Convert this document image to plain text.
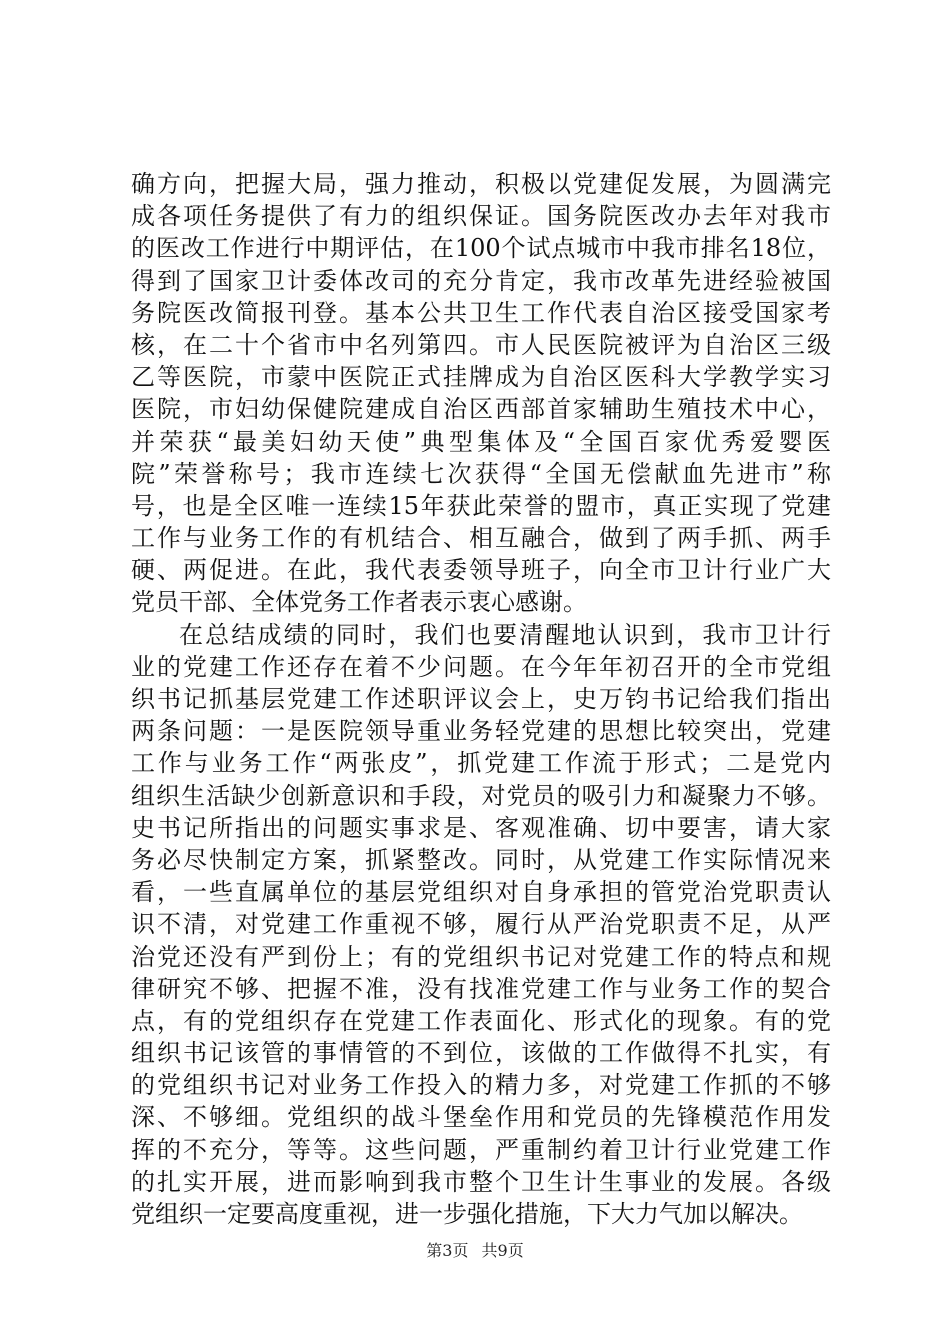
确方向，把握大局，强力推动，积极以党建促发展，为圆满完
成各项任务提供了有力的组织保证。国务院医改办去年对我市
的医改工作进行中期评估，在100个试点城市中我市排名18位，
得到了国家卫计委体改司的充分肯定，我市改革先进经验被国
务院医改简报刊登。基本公共卫生工作代表自治区接受国家考
核，在二十个省市中名列第四。市人民医院被评为自治区三级
乙等医院，市蒙中医院正式挂牌成为自治区医科大学教学实习
医院，市妇幼保健院建成自治区西部首家辅助生殖技术中心，
并荣获“最美妇幼天使”典型集体及“全国百家优秀爱婴医
院”荣誉称号；我市连续七次获得“全国无偿献血先进市”称
号，也是全区唯一连续15年获此荣誉的盟市，真正实现了党建
工作与业务工作的有机结合、相互融合，做到了两手抓、两手
硬、两促进。在此，我代表委领导班子，向全市卫计行业广大
党员干部、全体党务工作者表示衷心感谢。
在总结成绩的同时，我们也要清醒地认识到，我市卫计行
业的党建工作还存在着不少问题。在今年年初召开的全市党组
织书记抓基层党建工作述职评议会上，史万钧书记给我们指出
两条问题：一是医院领导重业务轻党建的思想比较突出，党建
工作与业务工作“两张皮”，抓党建工作流于形式；二是党内
组织生活缺少创新意识和手段，对党员的吸引力和凝聚力不够。
史书记所指出的问题实事求是、客观准确、切中要害，请大家
务必尽快制定方案，抓紧整改。同时，从党建工作实际情况来
看，一些直属单位的基层党组织对自身承担的管党治党职责认
识不清，对党建工作重视不够，履行从严治党职责不足，从严
治党还没有严到份上；有的党组织书记对党建工作的特点和规
律研究不够、把握不准，没有找准党建工作与业务工作的契合
点，有的党组织存在党建工作表面化、形式化的现象。有的党
组织书记该管的事情管的不到位，该做的工作做得不扎实，有
的党组织书记对业务工作投入的精力多，对党建工作抓的不够
深、不够细。党组织的战斗堡垒作用和党员的先锋模范作用发
挥的不充分，等等。这些问题，严重制约着卫计行业党建工作
的扎实开展，进而影响到我市整个卫生计生事业的发展。各级
党组织一定要高度重视，进一步强化措施，下大力气加以解决。
第3页 共9页
